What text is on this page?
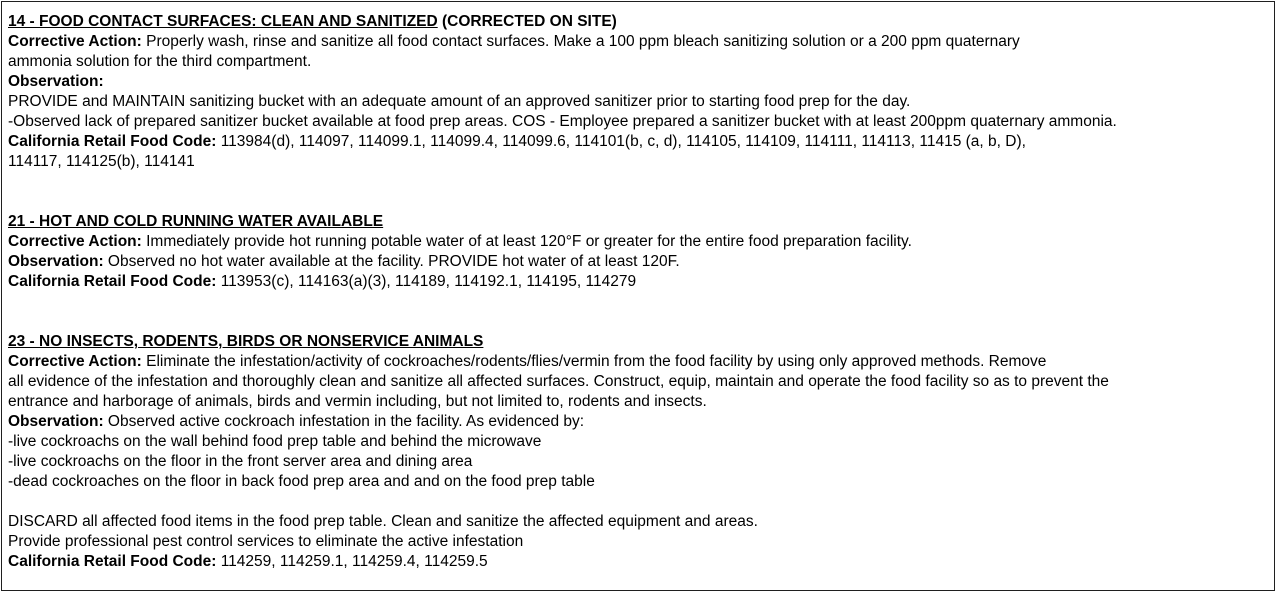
14 - FOOD CONTACT SURFACES: CLEAN AND SANITIZED (CORRECTED ON SITE)
Corrective Action: Properly wash, rinse and sanitize all food contact surfaces. Make a 100 ppm bleach sanitizing solution or a 200 ppm quaternary
ammonia solution for the third compartment.
Observation:
PROVIDE and MAINTAIN sanitizing bucket with an adequate amount of an approved sanitizer prior to starting food prep for the day.
-Observed lack of prepared sanitizer bucket available at food prep areas. COS - Employee prepared a sanitizer bucket with at least 200ppm quaternary ammonia.
California Retail Food Code: 113984(d), 114097, 114099.1, 114099.4, 114099.6, 114101(b, c, d), 114105, 114109, 114111, 114113, 11415 (a, b, D),
114117, 114125(b), 114141
21 - HOT AND COLD RUNNING WATER AVAILABLE
Corrective Action: Immediately provide hot running potable water of at least 120°F or greater for the entire food preparation facility.
Observation: Observed no hot water available at the facility. PROVIDE hot water of at least 120F.
California Retail Food Code: 113953(c), 114163(a)(3), 114189, 114192.1, 114195, 114279
23 - NO INSECTS, RODENTS, BIRDS OR NONSERVICE ANIMALS
Corrective Action: Eliminate the infestation/activity of cockroaches/rodents/flies/vermin from the food facility by using only approved methods. Remove
all evidence of the infestation and thoroughly clean and sanitize all affected surfaces. Construct, equip, maintain and operate the food facility so as to prevent the
entrance and harborage of animals, birds and vermin including, but not limited to, rodents and insects.
Observation: Observed active cockroach infestation in the facility. As evidenced by:
-live cockroachs on the wall behind food prep table and behind the microwave
-live cockroachs on the floor in the front server area and dining area
-dead cockroaches on the floor in back food prep area and and on the food prep table
DISCARD all affected food items in the food prep table. Clean and sanitize the affected equipment and areas.
Provide professional pest control services to eliminate the active infestation
California Retail Food Code: 114259, 114259.1, 114259.4, 114259.5
